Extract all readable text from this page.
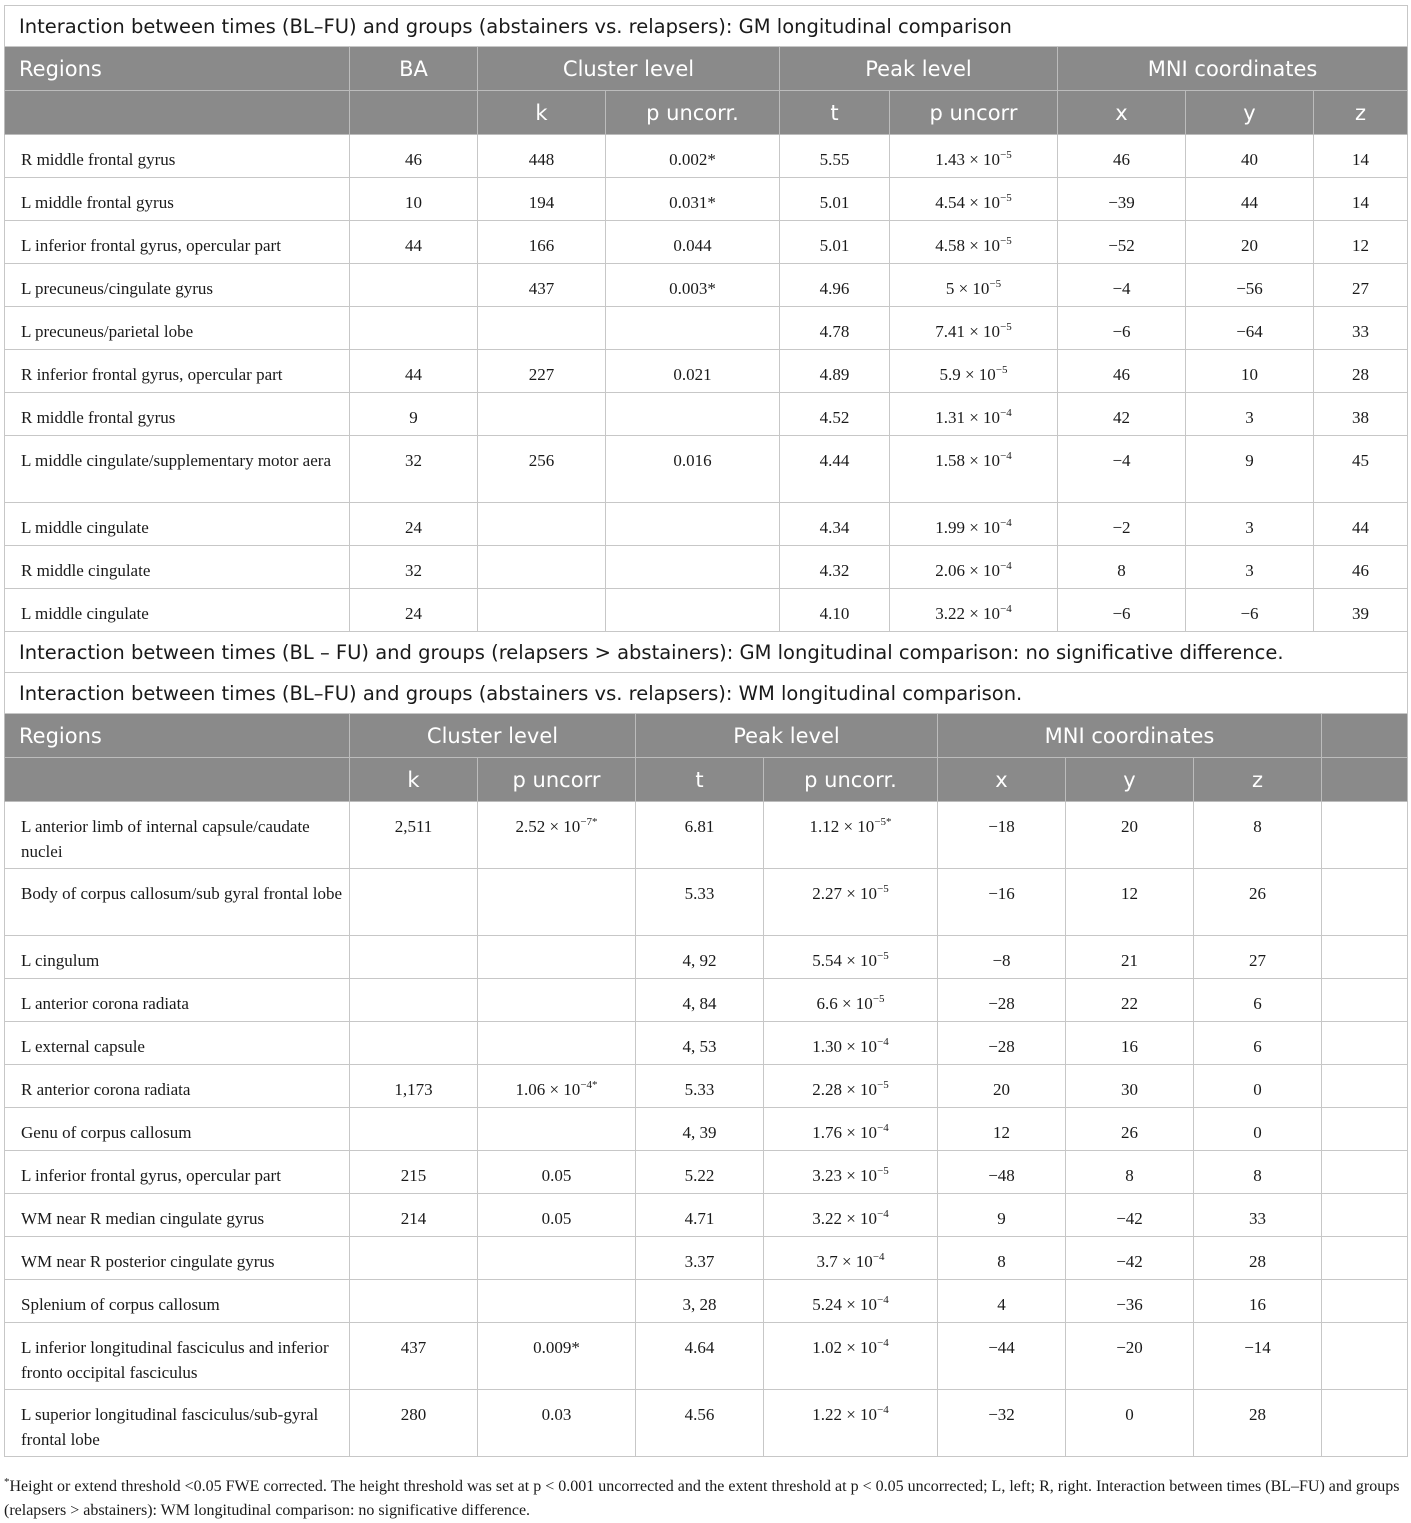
Interaction between times (BL–FU) and groups (abstainers vs. relapsers): GM longitudinal comparison								
Regions	BA	Cluster level		Peak level		MNI coordinates		
		k	p uncorr.	t	p uncorr	x	y	z
R middle frontal gyrus	46	448	0.002*	5.55	$1.43 \times 10^{-5}$	46	40	14
L middle frontal gyrus	10	194	0.031*	5.01	$4.54 \times 10^{-5}$	−39	44	14
L inferior frontal gyrus, opercular part	44	166	0.044	5.01	$4.58 \times 10^{-5}$	−52	20	12
L precuneus/cingulate gyrus		437	0.003*	4.96	$5 \times 10^{-5}$	−4	−56	27
L precuneus/parietal lobe				4.78	$7.41 \times 10^{-5}$	−6	−64	33
R inferior frontal gyrus, opercular part	44	227	0.021	4.89	$5.9 \times 10^{-5}$	46	10	28
R middle frontal gyrus	9			4.52	$1.31 \times 10^{-4}$	42	3	38
L middle cingulate/supplementary motor aera	32	256	0.016	4.44	$1.58 \times 10^{-4}$	−4	9	45
L middle cingulate	24			4.34	$1.99 \times 10^{-4}$	−2	3	44
R middle cingulate	32			4.32	$2.06 \times 10^{-4}$	8	3	46
L middle cingulate	24			4.10	$3.22 \times 10^{-4}$	−6	−6	39
Interaction between times (BL – FU) and groups (relapsers > abstainers): GM longitudinal comparison: no significative difference.								
Interaction between times (BL–FU) and groups (abstainers vs. relapsers): WM longitudinal comparison.								
Regions	Cluster level		Peak level		MNI coordinates			
	k	p uncorr	t	p uncorr.	x	y	z	
L anterior limb of internal capsule/caudate nuclei	2,511	$2.52 \times 10^{-7*}$	6.81	$1.12 \times 10^{-5*}$	−18	20	8	
Body of corpus callosum/sub gyral frontal lobe			5.33	$2.27 \times 10^{-5}$	−16	12	26	
L cingulum			4, 92	$5.54 \times 10^{-5}$	−8	21	27	
L anterior corona radiata			4, 84	$6.6 \times 10^{-5}$	−28	22	6	
L external capsule			4, 53	$1.30 \times 10^{-4}$	−28	16	6	
R anterior corona radiata	1,173	$1.06 \times 10^{-4*}$	5.33	$2.28 \times 10^{-5}$	20	30	0	
Genu of corpus callosum			4, 39	$1.76 \times 10^{-4}$	12	26	0	
L inferior frontal gyrus, opercular part	215	0.05	5.22	$3.23 \times 10^{-5}$	−48	8	8	
WM near R median cingulate gyrus	214	0.05	4.71	$3.22 \times 10^{-4}$	9	−42	33	
WM near R posterior cingulate gyrus			3.37	$3.7 \times 10^{-4}$	8	−42	28	
Splenium of corpus callosum			3, 28	$5.24 \times 10^{-4}$	4	−36	16	
L inferior longitudinal fasciculus and inferior fronto occipital fasciculus	437	0.009*	4.64	$1.02 \times 10^{-4}$	−44	−20	−14	
L superior longitudinal fasciculus/sub-gyral frontal lobe	280	0.03	4.56	$1.22 \times 10^{-4}$	−32	0	28	
*Height or extend threshold <0.05 FWE corrected. The height threshold was set at p < 0.001 uncorrected and the extent threshold at p < 0.05 uncorrected; L, left; R, right. Interaction between times (BL–FU) and groups (relapsers > abstainers): WM longitudinal comparison: no significative difference.
